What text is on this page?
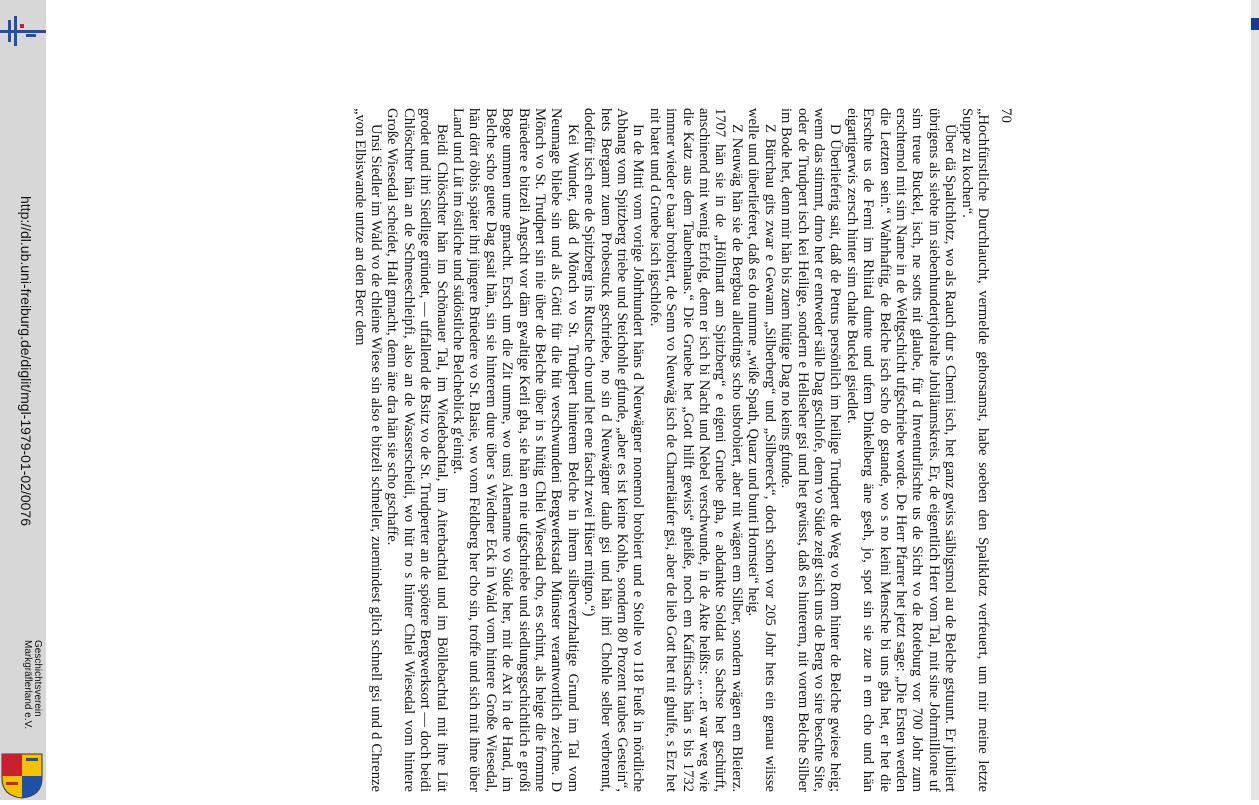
http://dl.ub.uni-freiburg.de/diglit/mgl-1979-01-02/0076
Geschichtsverein Markgräflerland e.V.
70

„Hochfürstliche Durchlaucht, vermelde gehorsamst, habe soeben den Spaltklotz verfeuert, um mir meine letzte Suppe zu kochen“.

Über dä Spaltchlotz, wo als Rauch dur s Chemi isch, het ganz gwiss sälbigsmol au de Belche gstuunt. Er jubiliert übrigens als siebte im siebenhundertjohralte Jubiläumskreis. Er, de eigentlich Herr vom Tal, mit sine Johrmillione uf sim treue Buckel, isch, ne sotts nit glaube, für d Inventurlischte us de Sicht vo de Roteburg vor 700 Johr zum erschtemol mit sim Name in de Weltgschicht ufgschriebe worde. De Herr Pfarrer het jetzt sage: „Die Ersten werden die Letzten sein.“ Wahrhaftig, de Belche isch scho do gstande, wo s no keini Mensche bi uns gha het, er het die Erschte us de Ferni im Rhiital dunte und ufem Dinkelberg äne gseh, jo, spot sin sie zue n em cho und hän eigartigerwis zersch hinter sim chalte Buckel gsiedlet.

D Überlieferig sait, daß de Petrus persönlich im heilige Trudpert de Weg vo Rom hinter de Belche gwiese heig; wenn das stimmt, drno het er entweder sälle Dag gschlofe, denn vo Süde zeigt sich uns de Berg vo sire beschte Site, oder de Trudpert isch kei Heilige, sondern e Hellseher gsi und het gwüsst, daß es hinterem, nit vorem Belche Silber im Bode het, denn mir hän bis zuem hütige Dag no keins gfunde.

Z Bürchau gits zwar e Gewann „Silberberg“ und „Silbereck“, doch schon vor 205 Johr hets ein genau wiisse welle und überlieferet, daß es do numme „wiße Spath, Quarz und bunti Hornstei“ heig.

Z Neuwäg hän sie de Bergbau allerdings scho usbrobiert, aber nit wägen em Silber, sondern wägen em Bleierz. 1707 hän sie in de „Höllmatt am Spitzberg“ e eigeni Gruebe gha, e abdankte Soldat us Sachse het gschürft, anschinend mit wenig Erfolg, denn er isch bi Nacht und Nebel verschwunde, in de Akte heißts: „…er war weg wie die Katz aus dem Taubenhaus.“ Die Gruebe het „Gott hilft gewiss“ gheiße, noch em Kaffisachs hän s bis 1732 immer wieder e baar brobiert, de Senn vo Neuwäg isch de Charreläufer gsi, aber de lieb Gott het nit ghulfe, s Erz het nit batet und d Gruebe isch igschlofe.

In de Mitti vom vorige Johrhundert häns d Neuwägner nonemol brobiert und e Stolle vo 118 Fueß in nördliche Abhang vom Spitzberg triebe und Steichohle gfunde, „aber es ist keine Kohle, sondern 80 Prozent taubes Gestein“, hets Bergamt zuem Probestuck gschriebe, no sin d Neuwägner daub gsi und hän ihri Chohle selber verbrennt, dodefür isch ene de Spitzberg ins Rutsche cho und het ene fascht zwei Hüser mitgno.“)

Kei Wunder, daß d Mönch vo St. Trudpert hinterem Belche in ihrem silberverzhaltige Grund im Tal vom Neumage bliebe sin und als Götti für die hüt verschwundeni Bergwerkstadt Münster verantwortlich zeichne. D Mönch vo St. Trudpert sin nie über de Belche über in s hütig Chlei Wiesedal cho, es schint, als heige die fromme Brüedere e bitzeli Angscht vor däm gwaltige Kerli gha, sie hän en nie ufgschriebe und siedlungsgschichtlich e großi Boge ummen ume gmacht. Ersch um die Zit umme, wo unsi Alemanne vo Süde her, mit de Axt in de Hand, im Belche scho guete Dag gsait hän, sin sie hinterem dure über s Wiedner Eck in Wald vom hintere Große Wiesedal, hän dört öbbis später ihri jüngere Brüedere vo St. Blasie, wo vom Feldberg her cho sin, troffe und sich mit ihne über Land und Lüt im östliche und südöstliche Belcheblick g'einigt.

Beidi Chlöschter hän im Schönauer Tal, im Wiedebachtal, im Aiterbachtal und im Böllebachtal mit ihre Lüt grodet und ihri Siedlige gründet, — uffallend de Bsitz vo de St. Trudperter an de spötere Bergwerksort — doch beidi Chlöschter hän an de Schneeschleipfi, also an de Wasserscheidi, wo hüt no s hinter Chlei Wiesedal vom hintere Große Wiesedal scheidet, Halt gmacht, denn äne dra hän sie scho gschaffe.

Unsi Siedler im Wald vo de chleine Wiese sin also e bitzeli schneller, zuemindest glich schnell gsi und d Chrenze „von Elbiswande untze an den Berc dem
